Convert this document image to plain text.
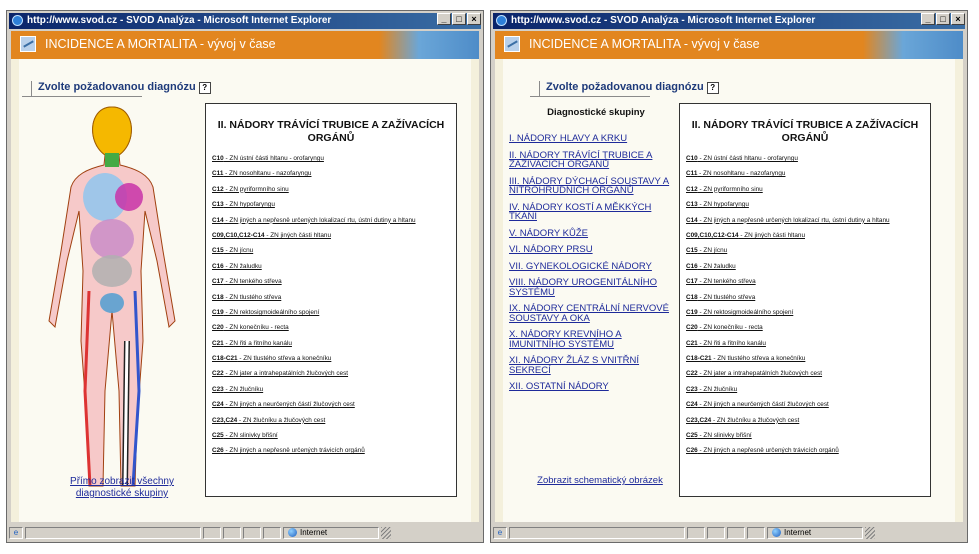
http://www.svod.cz - SVOD Analýza - Microsoft Internet Explorer	_	□	×
INCIDENCE A MORTALITA - vývoj v čase
Zvolte požadovanou diagnózu ?
Přímo zobrazit všechny diagnostické skupiny
II. NÁDORY TRÁVÍCÍ TRUBICE A ZAŽÍVACÍCH ORGÁNŮ
C10 - ZN ústní části hltanu - orofaryngu
C11 - ZN nosohltanu - nazofaryngu
C12 - ZN pyriformního sinu
C13 - ZN hypofaryngu
C14 - ZN jiných a nepřesně určených lokalizací rtu, ústní dutiny a hltanu
C09,C10,C12-C14 - ZN jiných části hltanu
C15 - ZN jícnu
C16 - ZN žaludku
C17 - ZN tenkého střeva
C18 - ZN tlustého střeva
C19 - ZN rektosigmoideálního spojení
C20 - ZN konečníku - recta
C21 - ZN řiti a řitního kanálu
C18-C21 - ZN tlustého střeva a konečníku
C22 - ZN jater a intrahepatálních žlučových cest
C23 - ZN žlučníku
C24 - ZN jiných a neurčených částí žlučových cest
C23,C24 - ZN žlučníku a žlučových cest
C25 - ZN slinivky břišní
C26 - ZN jiných a nepřesně určených trávicích orgánů
e	Internet
http://www.svod.cz - SVOD Analýza - Microsoft Internet Explorer	_	□	×
INCIDENCE A MORTALITA - vývoj v čase
Zvolte požadovanou diagnózu ?
Diagnostické skupiny
I. NÁDORY HLAVY A KRKU
II. NÁDORY TRÁVÍCÍ TRUBICE A ZAŽÍVACÍCH ORGÁNŮ
III. NÁDORY DÝCHACÍ SOUSTAVY A NITROHRUDNÍCH ORGÁNŮ
IV. NÁDORY KOSTÍ A MĚKKÝCH TKÁNÍ
V. NÁDORY KŮŽE
VI. NÁDORY PRSU
VII. GYNEKOLOGICKÉ NÁDORY
VIII. NÁDORY UROGENITÁLNÍHO SYSTÉMU
IX. NÁDORY CENTRÁLNÍ NERVOVÉ SOUSTAVY A OKA
X. NÁDORY KREVNÍHO A IMUNITNÍHO SYSTÉMU
XI. NÁDORY ŽLÁZ S VNITŘNÍ SEKRECÍ
XII. OSTATNÍ NÁDORY
Zobrazit schematický obrázek
II. NÁDORY TRÁVÍCÍ TRUBICE A ZAŽÍVACÍCH ORGÁNŮ
C10 - ZN ústní části hltanu - orofaryngu
C11 - ZN nosohltanu - nazofaryngu
C12 - ZN pyriformního sinu
C13 - ZN hypofaryngu
C14 - ZN jiných a nepřesně určených lokalizací rtu, ústní dutiny a hltanu
C09,C10,C12-C14 - ZN jiných části hltanu
C15 - ZN jícnu
C16 - ZN žaludku
C17 - ZN tenkého střeva
C18 - ZN tlustého střeva
C19 - ZN rektosigmoideálního spojení
C20 - ZN konečníku - recta
C21 - ZN řiti a řitního kanálu
C18-C21 - ZN tlustého střeva a konečníku
C22 - ZN jater a intrahepatálních žlučových cest
C23 - ZN žlučníku
C24 - ZN jiných a neurčených částí žlučových cest
C23,C24 - ZN žlučníku a žlučových cest
C25 - ZN slinivky břišní
C26 - ZN jiných a nepřesně určených trávicích orgánů
e	Internet
